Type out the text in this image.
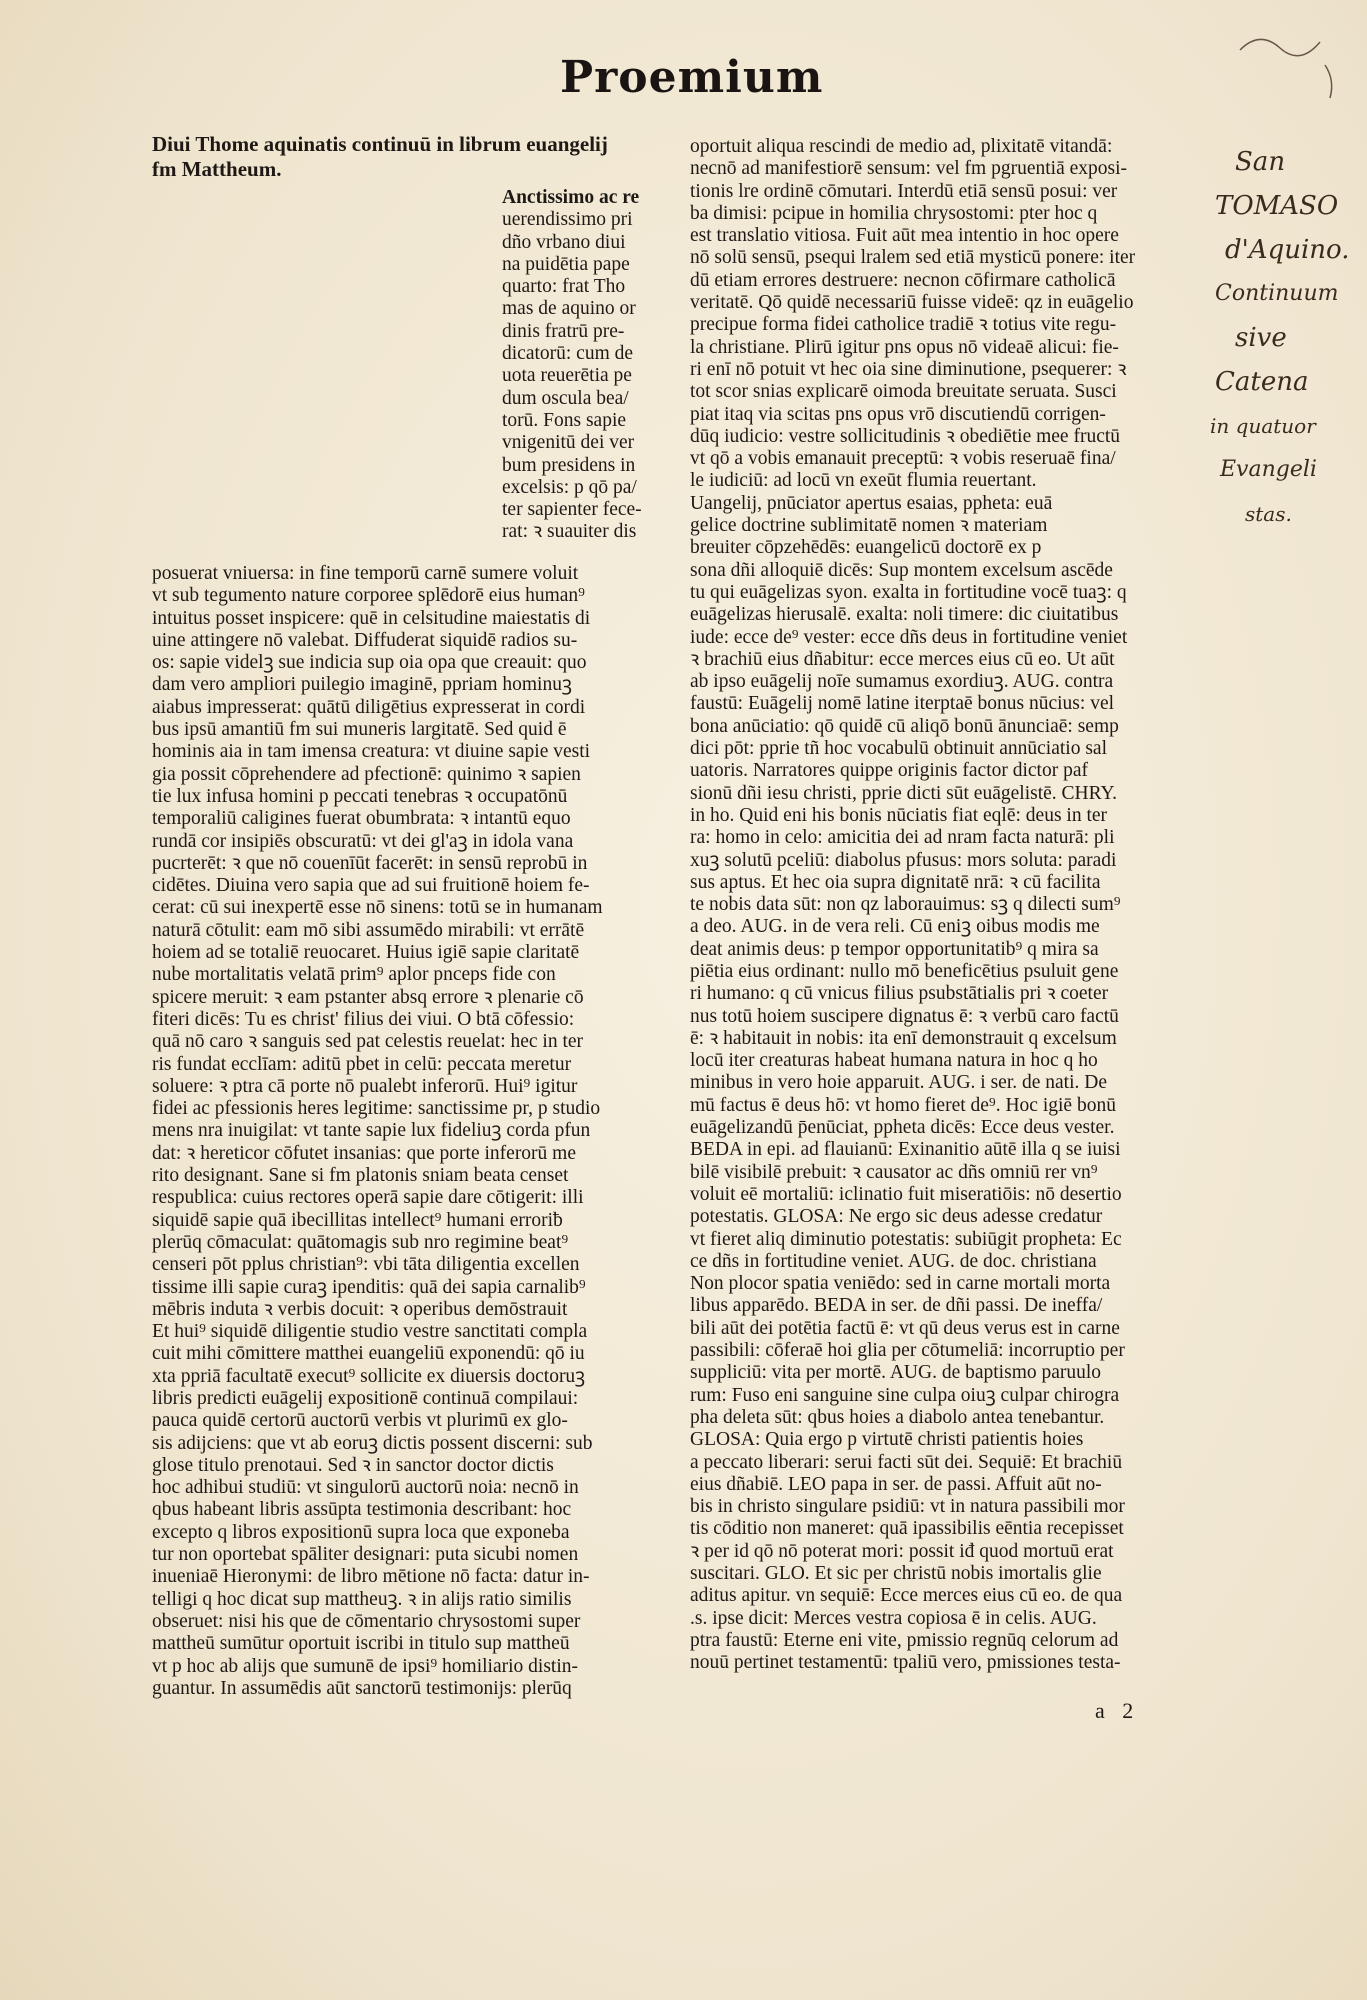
Proemium
Diui Thome aquinatis continuū in librum euangelij
fm Mattheum.
Anctissimo ac re
uerendissimo pri
dño vrbano diui
na puidētia pape
quarto: frat Tho
mas de aquino or
dinis fratrū pre-
dicatorū: cum de
uota reuerētia pe
dum oscula bea/
torū. Fons sapie
vnigenitū dei ver
bum presidens in
excelsis: p qō pa/
ter sapienter fece-
rat: ꝛ suauiter dis
posuerat vniuersa: in fine temporū carnē sumere voluit
vt sub tegumento nature corporee splēdorē eius human⁹
intuitus posset inspicere: quē in celsitudine maiestatis di
uine attingere nō valebat. Diffuderat siquidē radios su-
os: sapie videlꝫ sue indicia sup oia opa que creauit: quo
dam vero ampliori puilegio imaginē, ppriam hominuꝫ
aiabus impresserat: quātū diligētius expresserat in cordi
bus ipsū amantiū fm sui muneris largitatē. Sed quid ē
hominis aia in tam imensa creatura: vt diuine sapie vesti
gia possit cōprehendere ad pfectionē: quinimo ꝛ sapien
tie lux infusa homini p peccati tenebras ꝛ occupatōnū
temporaliū caligines fuerat obumbrata: ꝛ intantū equo
rundā cor insipiēs obscuratū: vt dei gl'aꝫ in idola vana
pucrterēt: ꝛ que nō couenīūt facerēt: in sensū reprobū in
cidētes. Diuina vero sapia que ad sui fruitionē hoiem fe-
cerat: cū sui inexpertē esse nō sinens: totū se in humanam
naturā cōtulit: eam mō sibi assumēdo mirabili: vt errātē
hoiem ad se totaliē reuocaret. Huius igiē sapie claritatē
nube mortalitatis velatā prim⁹ aplor pnceps fide con
spicere meruit: ꝛ eam pstanter absq errore ꝛ plenarie cō
fiteri dicēs: Tu es christ' filius dei viui. O btā cōfessio:
quā nō caro ꝛ sanguis sed pat celestis reuelat: hec in ter
ris fundat ecclīam: aditū pbet in celū: peccata meretur
soluere: ꝛ ptra cā porte nō pualebt inferorū. Hui⁹ igitur
fidei ac pfessionis heres legitime: sanctissime pr, p studio
mens nra inuigilat: vt tante sapie lux fideliuꝫ corda pfun
dat: ꝛ hereticor cōfutet insanias: que porte inferorū me
rito designant. Sane si fm platonis sniam beata censet
respublica: cuius rectores operā sapie dare cōtigerit: illi
siquidē sapie quā ibecillitas intellect⁹ humani erroriƀ
plerūq cōmaculat: quātomagis sub nro regimine beat⁹
censeri pōt pplus christian⁹: vbi tāta diligentia excellen
tissime illi sapie curaꝫ ipenditis: quā dei sapia carnalib⁹
mēbris induta ꝛ verbis docuit: ꝛ operibus demōstrauit
Et hui⁹ siquidē diligentie studio vestre sanctitati compla
cuit mihi cōmittere matthei euangeliū exponendū: qō iu
xta ppriā facultatē execut⁹ sollicite ex diuersis doctoruꝫ
libris predicti euāgelij expositionē continuā compilaui:
pauca quidē certorū auctorū verbis vt plurimū ex glo-
sis adijciens: que vt ab eoruꝫ dictis possent discerni: sub
glose titulo prenotaui. Sed ꝛ in sanctor doctor dictis
hoc adhibui studiū: vt singulorū auctorū noia: necnō in
qbus habeant libris assūpta testimonia describant: hoc
excepto q libros expositionū supra loca que exponeba
tur non oportebat spāliter designari: puta sicubi nomen
inueniaē Hieronymi: de libro mētione nō facta: datur in-
telligi q hoc dicat sup mattheuꝫ. ꝛ in alijs ratio similis
obseruet: nisi his que de cōmentario chrysostomi super
mattheū sumūtur oportuit iscribi in titulo sup mattheū
vt p hoc ab alijs que sumunē de ipsi⁹ homiliario distin-
guantur. In assumēdis aūt sanctorū testimonijs: plerūq
oportuit aliqua rescindi de medio ad, plixitatē vitandā:
necnō ad manifestiorē sensum: vel fm pgruentiā exposi-
tionis lre ordinē cōmutari. Interdū etiā sensū posui: ver
ba dimisi: pcipue in homilia chrysostomi: pter hoc q
est translatio vitiosa. Fuit aūt mea intentio in hoc opere
nō solū sensū, psequi lralem sed etiā mysticū ponere: iter
dū etiam errores destruere: necnon cōfirmare catholicā
veritatē. Qō quidē necessariū fuisse videē: qz in euāgelio
precipue forma fidei catholice tradiē ꝛ totius vite regu-
la christiane. Plirū igitur pns opus nō videaē alicui: fie-
ri enī nō potuit vt hec oia sine diminutione, psequerer: ꝛ
tot scor snias explicarē oimoda breuitate seruata. Susci
piat itaq via scitas pns opus vrō discutiendū corrigen-
dūq iudicio: vestre sollicitudinis ꝛ obediētie mee fructū
vt qō a vobis emanauit preceptū: ꝛ vobis reseruaē fina/
le iudiciū: ad locū vn exeūt flumia reuertant.
Uangelij, pnūciator apertus esaias, ppheta: euā
gelice doctrine sublimitatē nomen ꝛ materiam
breuiter cōpzehēdēs: euangelicū doctorē ex p
sona dñi alloquiē dicēs: Sup montem excelsum ascēde
tu qui euāgelizas syon. exalta in fortitudine vocē tuaꝫ: q
euāgelizas hierusalē. exalta: noli timere: dic ciuitatibus
iude: ecce de⁹ vester: ecce dñs deus in fortitudine veniet
ꝛ brachiū eius dñabitur: ecce merces eius cū eo. Ut aūt
ab ipso euāgelij noīe sumamus exordiuꝫ. AUG. contra
faustū: Euāgelij nomē latine iterptaē bonus nūcius: vel
bona anūciatio: qō quidē cū aliqō bonū ānunciaē: semp
dici pōt: pprie tñ hoc vocabulū obtinuit annūciatio sal
uatoris. Narratores quippe originis factor dictor paf
sionū dñi iesu christi, pprie dicti sūt euāgelistē. CHRY.
in ho. Quid eni his bonis nūciatis fiat eqlē: deus in ter
ra: homo in celo: amicitia dei ad nram facta naturā: pli
xuꝫ solutū pceliū: diabolus pfusus: mors soluta: paradi
sus aptus. Et hec oia supra dignitatē nrā: ꝛ cū facilita
te nobis data sūt: non qz laborauimus: sꝫ q dilecti sum⁹
a deo. AUG. in de vera reli. Cū eniꝫ oibus modis me
deat animis deus: p tempor opportunitatib⁹ q mira sa
piētia eius ordinant: nullo mō beneficētius psuluit gene
ri humano: q cū vnicus filius psubstātialis pri ꝛ coeter
nus totū hoiem suscipere dignatus ē: ꝛ verbū caro factū
ē: ꝛ habitauit in nobis: ita enī demonstrauit q excelsum
locū iter creaturas habeat humana natura in hoc q ho
minibus in vero hoie apparuit. AUG. i ser. de nati. De
mū factus ē deus hō: vt homo fieret de⁹. Hoc igiē bonū
euāgelizandū p̄enūciat, ppheta dicēs: Ecce deus vester.
BEDA in epi. ad flauianū: Exinanitio aūtē illa q se iuisi
bilē visibilē prebuit: ꝛ causator ac dñs omniū rer vn⁹
voluit eē mortaliū: iclinatio fuit miseratiōis: nō desertio
potestatis. GLOSA: Ne ergo sic deus adesse credatur
vt fieret aliq diminutio potestatis: subiūgit propheta: Ec
ce dñs in fortitudine veniet. AUG. de doc. christiana
Non plocor spatia veniēdo: sed in carne mortali morta
libus apparēdo. BEDA in ser. de dñi passi. De ineffa/
bili aūt dei potētia factū ē: vt qū deus verus est in carne
passibili: cōferaē hoi glia per cōtumeliā: incorruptio per
suppliciū: vita per mortē. AUG. de baptismo paruulo
rum: Fuso eni sanguine sine culpa oiuꝫ culpar chirogra
pha deleta sūt: qbus hoies a diabolo antea tenebantur.
GLOSA: Quia ergo p virtutē christi patientis hoies
a peccato liberari: serui facti sūt dei. Sequiē: Et brachiū
eius dñabiē. LEO papa in ser. de passi. Affuit aūt no-
bis in christo singulare psidiū: vt in natura passibili mor
tis cōditio non maneret: quā ipassibilis eēntia recepisset
ꝛ per id qō nō poterat mori: possit iđ quod mortuū erat
suscitari. GLO. Et sic per christū nobis imortalis glie
aditus apitur. vn sequiē: Ecce merces eius cū eo. de qua
.s. ipse dicit: Merces vestra copiosa ē in celis. AUG.
ptra faustū: Eterne eni vite, pmissio regnūq celorum ad
nouū pertinet testamentū: tpaliū vero, pmissiones testa-
a 2
San
TOMASO
d'Aquino.
Continuum
sive
Catena
in quatuor
Evangeli
stas.
